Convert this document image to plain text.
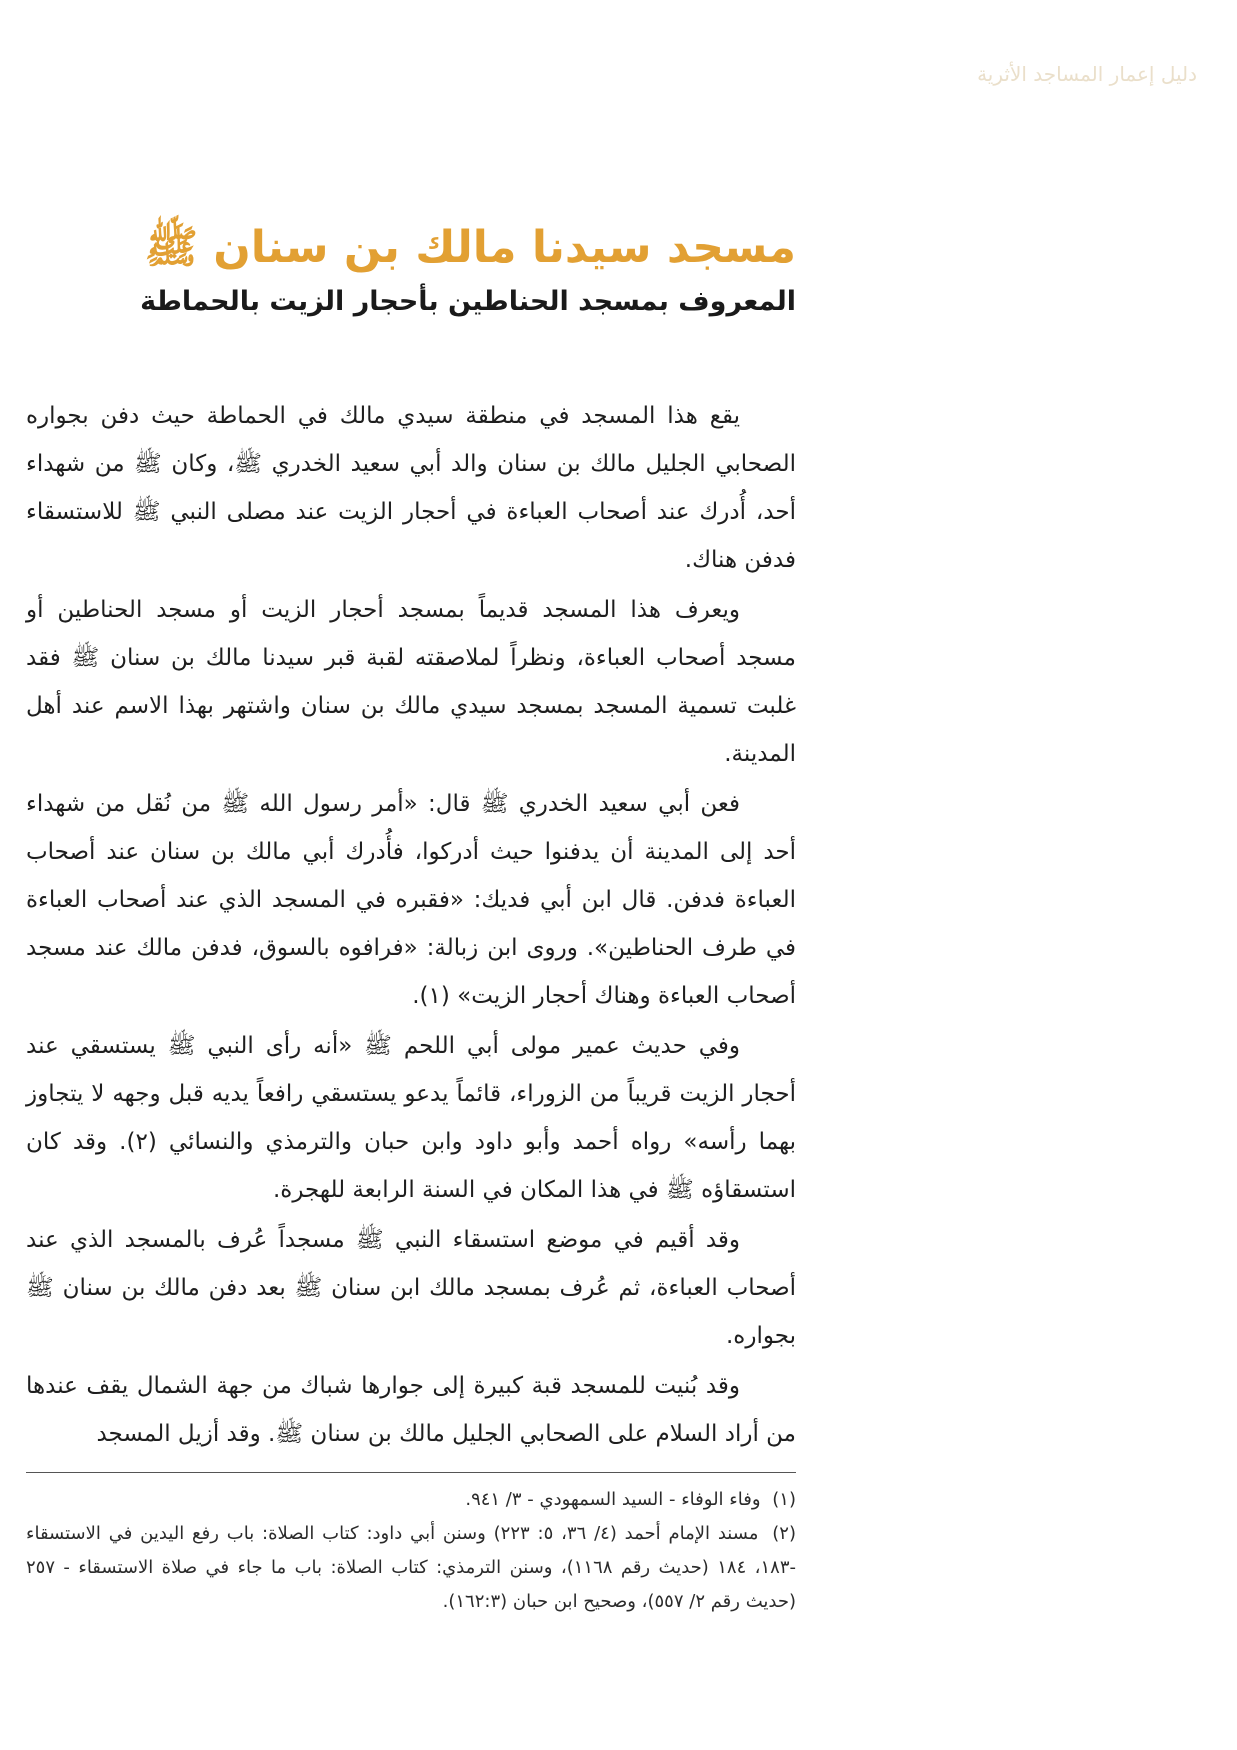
دليل إعمار المساجد الأثرية
مسجد سيدنا مالك بن سنان ﷺ
المعروف بمسجد الحناطين بأحجار الزيت بالحماطة

يقع هذا المسجد في منطقة سيدي مالك في الحماطة حيث دفن بجواره الصحابي الجليل مالك بن سنان والد أبي سعيد الخدري ﷺ، وكان ﷺ من شهداء أحد، أُدرك عند أصحاب العباءة في أحجار الزيت عند مصلى النبي ﷺ للاستسقاء فدفن هناك.

ويعرف هذا المسجد قديماً بمسجد أحجار الزيت أو مسجد الحناطين أو مسجد أصحاب العباءة، ونظراً لملاصقته لقبة قبر سيدنا مالك بن سنان ﷺ فقد غلبت تسمية المسجد بمسجد سيدي مالك بن سنان واشتهر بهذا الاسم عند أهل المدينة.

فعن أبي سعيد الخدري ﷺ قال: «أمر رسول الله ﷺ من نُقل من شهداء أحد إلى المدينة أن يدفنوا حيث أدركوا، فأُدرك أبي مالك بن سنان عند أصحاب العباءة فدفن. قال ابن أبي فديك: «فقبره في المسجد الذي عند أصحاب العباءة في طرف الحناطين». وروى ابن زبالة: «فرافوه بالسوق، فدفن مالك عند مسجد أصحاب العباءة وهناك أحجار الزيت» (١).

وفي حديث عمير مولى أبي اللحم ﷺ «أنه رأى النبي ﷺ يستسقي عند أحجار الزيت قريباً من الزوراء، قائماً يدعو يستسقي رافعاً يديه قبل وجهه لا يتجاوز بهما رأسه» رواه أحمد وأبو داود وابن حبان والترمذي والنسائي (٢). وقد كان استسقاؤه ﷺ في هذا المكان في السنة الرابعة للهجرة.

وقد أقيم في موضع استسقاء النبي ﷺ مسجداً عُرف بالمسجد الذي عند أصحاب العباءة، ثم عُرف بمسجد مالك ابن سنان ﷺ بعد دفن مالك بن سنان ﷺ بجواره.

وقد بُنيت للمسجد قبة كبيرة إلى جوارها شباك من جهة الشمال يقف عندها من أراد السلام على الصحابي الجليل مالك بن سنان ﷺ. وقد أزيل المسجد

(١) وفاء الوفاء - السيد السمهودي - ٣/ ٩٤١.

(٢) مسند الإمام أحمد (٤/ ٣٦، ٥: ٢٢٣) وسنن أبي داود: كتاب الصلاة: باب رفع اليدين في الاستسقاء -١٨٣، ١٨٤ (حديث رقم ١١٦٨)، وسنن الترمذي: كتاب الصلاة: باب ما جاء في صلاة الاستسقاء - ٢٥٧ (حديث رقم ٢/ ٥٥٧)، وصحيح ابن حبان (١٦٢:٣).
